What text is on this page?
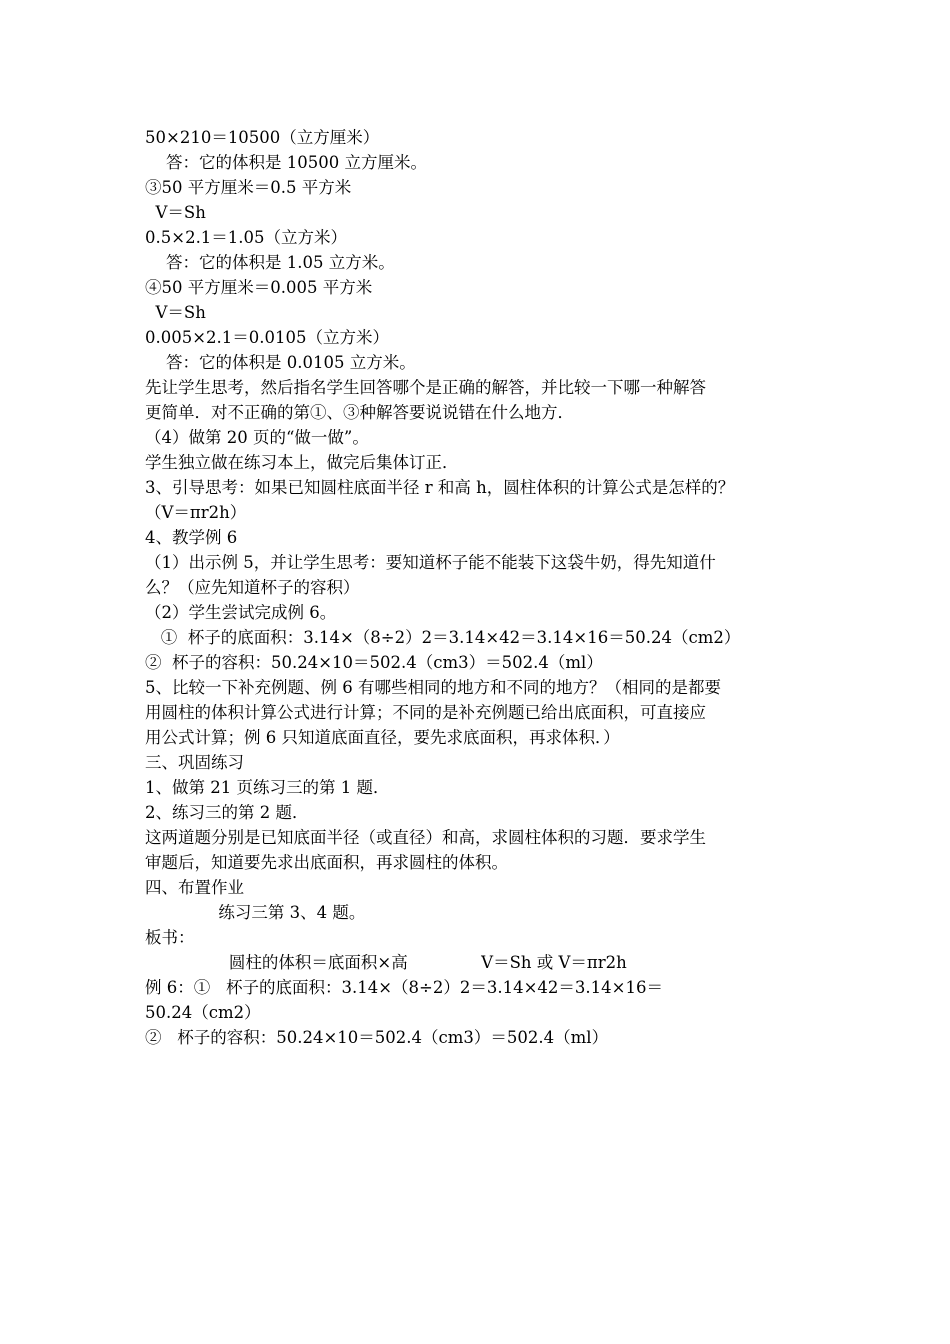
50×210＝10500（立方厘米）
答：它的体积是 10500 立方厘米。
③50 平方厘米＝0.5 平方米
V＝Sh
0.5×2.1＝1.05（立方米）
答：它的体积是 1.05 立方米。
④50 平方厘米＝0.005 平方米
V＝Sh
0.005×2.1＝0.0105（立方米）
答：它的体积是 0.0105 立方米。
先让学生思考，然后指名学生回答哪个是正确的解答，并比较一下哪一种解答
更简单．对不正确的第①、③种解答要说说错在什么地方．
（4）做第 20 页的“做一做”。
学生独立做在练习本上，做完后集体订正．
3、引导思考：如果已知圆柱底面半径 r 和高 h，圆柱体积的计算公式是怎样的？
（V＝πr2h）
4、教学例 6
（1）出示例 5，并让学生思考：要知道杯子能不能装下这袋牛奶，得先知道什
么？（应先知道杯子的容积）
（2）学生尝试完成例 6。
①  杯子的底面积：3.14×（8÷2）2＝3.14×42＝3.14×16＝50.24（cm2）
②  杯子的容积：50.24×10＝502.4（cm3）＝502.4（ml）
5、比较一下补充例题、例 6 有哪些相同的地方和不同的地方？（相同的是都要
用圆柱的体积计算公式进行计算；不同的是补充例题已给出底面积，可直接应
用公式计算；例 6 只知道底面直径，要先求底面积，再求体积．）
三、巩固练习
1、做第 21 页练习三的第 1 题．
2、练习三的第 2 题．
这两道题分别是已知底面半径（或直径）和高，求圆柱体积的习题．要求学生
审题后，知道要先求出底面积，再求圆柱的体积。
四、布置作业
练习三第 3、4 题。
板书：
圆柱的体积＝底面积×高              V＝Sh 或 V＝πr2h
例 6：①   杯子的底面积：3.14×（8÷2）2＝3.14×42＝3.14×16＝
50.24（cm2）
②   杯子的容积：50.24×10＝502.4（cm3）＝502.4（ml）
